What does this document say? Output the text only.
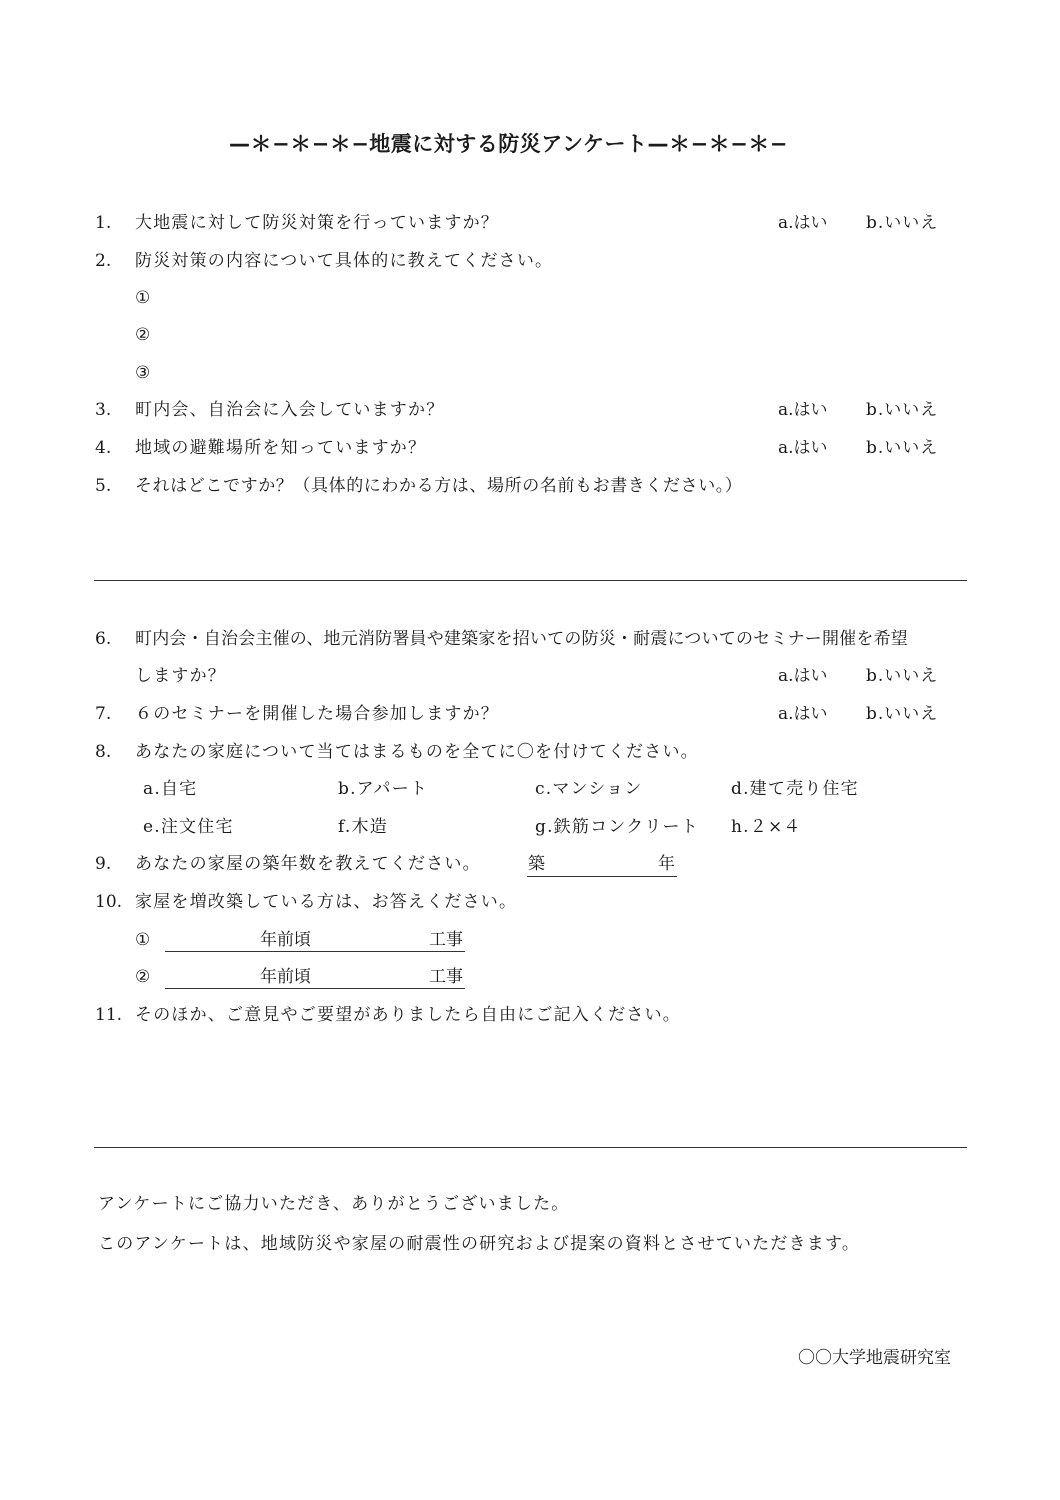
—＊−＊−＊−地震に対する防災アンケート—＊−＊−＊−
1. 大地震に対して防災対策を行っていますか？	a.はい b.いいえ
2. 防災対策の内容について具体的に教えてください。
①
②
③
3. 町内会、自治会に入会していますか？	a.はい b.いいえ
4. 地域の避難場所を知っていますか？	a.はい b.いいえ
5. それはどこですか？（具体的にわかる方は、場所の名前もお書きください。）
6. 町内会・自治会主催の、地元消防署員や建築家を招いての防災・耐震についてのセミナー開催を希望
しますか？	a.はい b.いいえ
7. ６のセミナーを開催した場合参加しますか？	a.はい b.いいえ
8. あなたの家庭について当てはまるものを全てに〇を付けてください。
a.自宅	b.アパート	c.マンション	d.建て売り住宅
e.注文住宅	f.木造	g.鉄筋コンクリート h.２×４
9. あなたの家屋の築年数を教えてください。	築	年
10. 家屋を増改築している方は、お答えください。
①	年前頃	工事
②	年前頃	工事
11. そのほか、ご意見やご要望がありましたら自由にご記入ください。
アンケートにご協力いただき、ありがとうございました。
このアンケートは、地域防災や家屋の耐震性の研究および提案の資料とさせていただきます。
〇〇大学地震研究室
